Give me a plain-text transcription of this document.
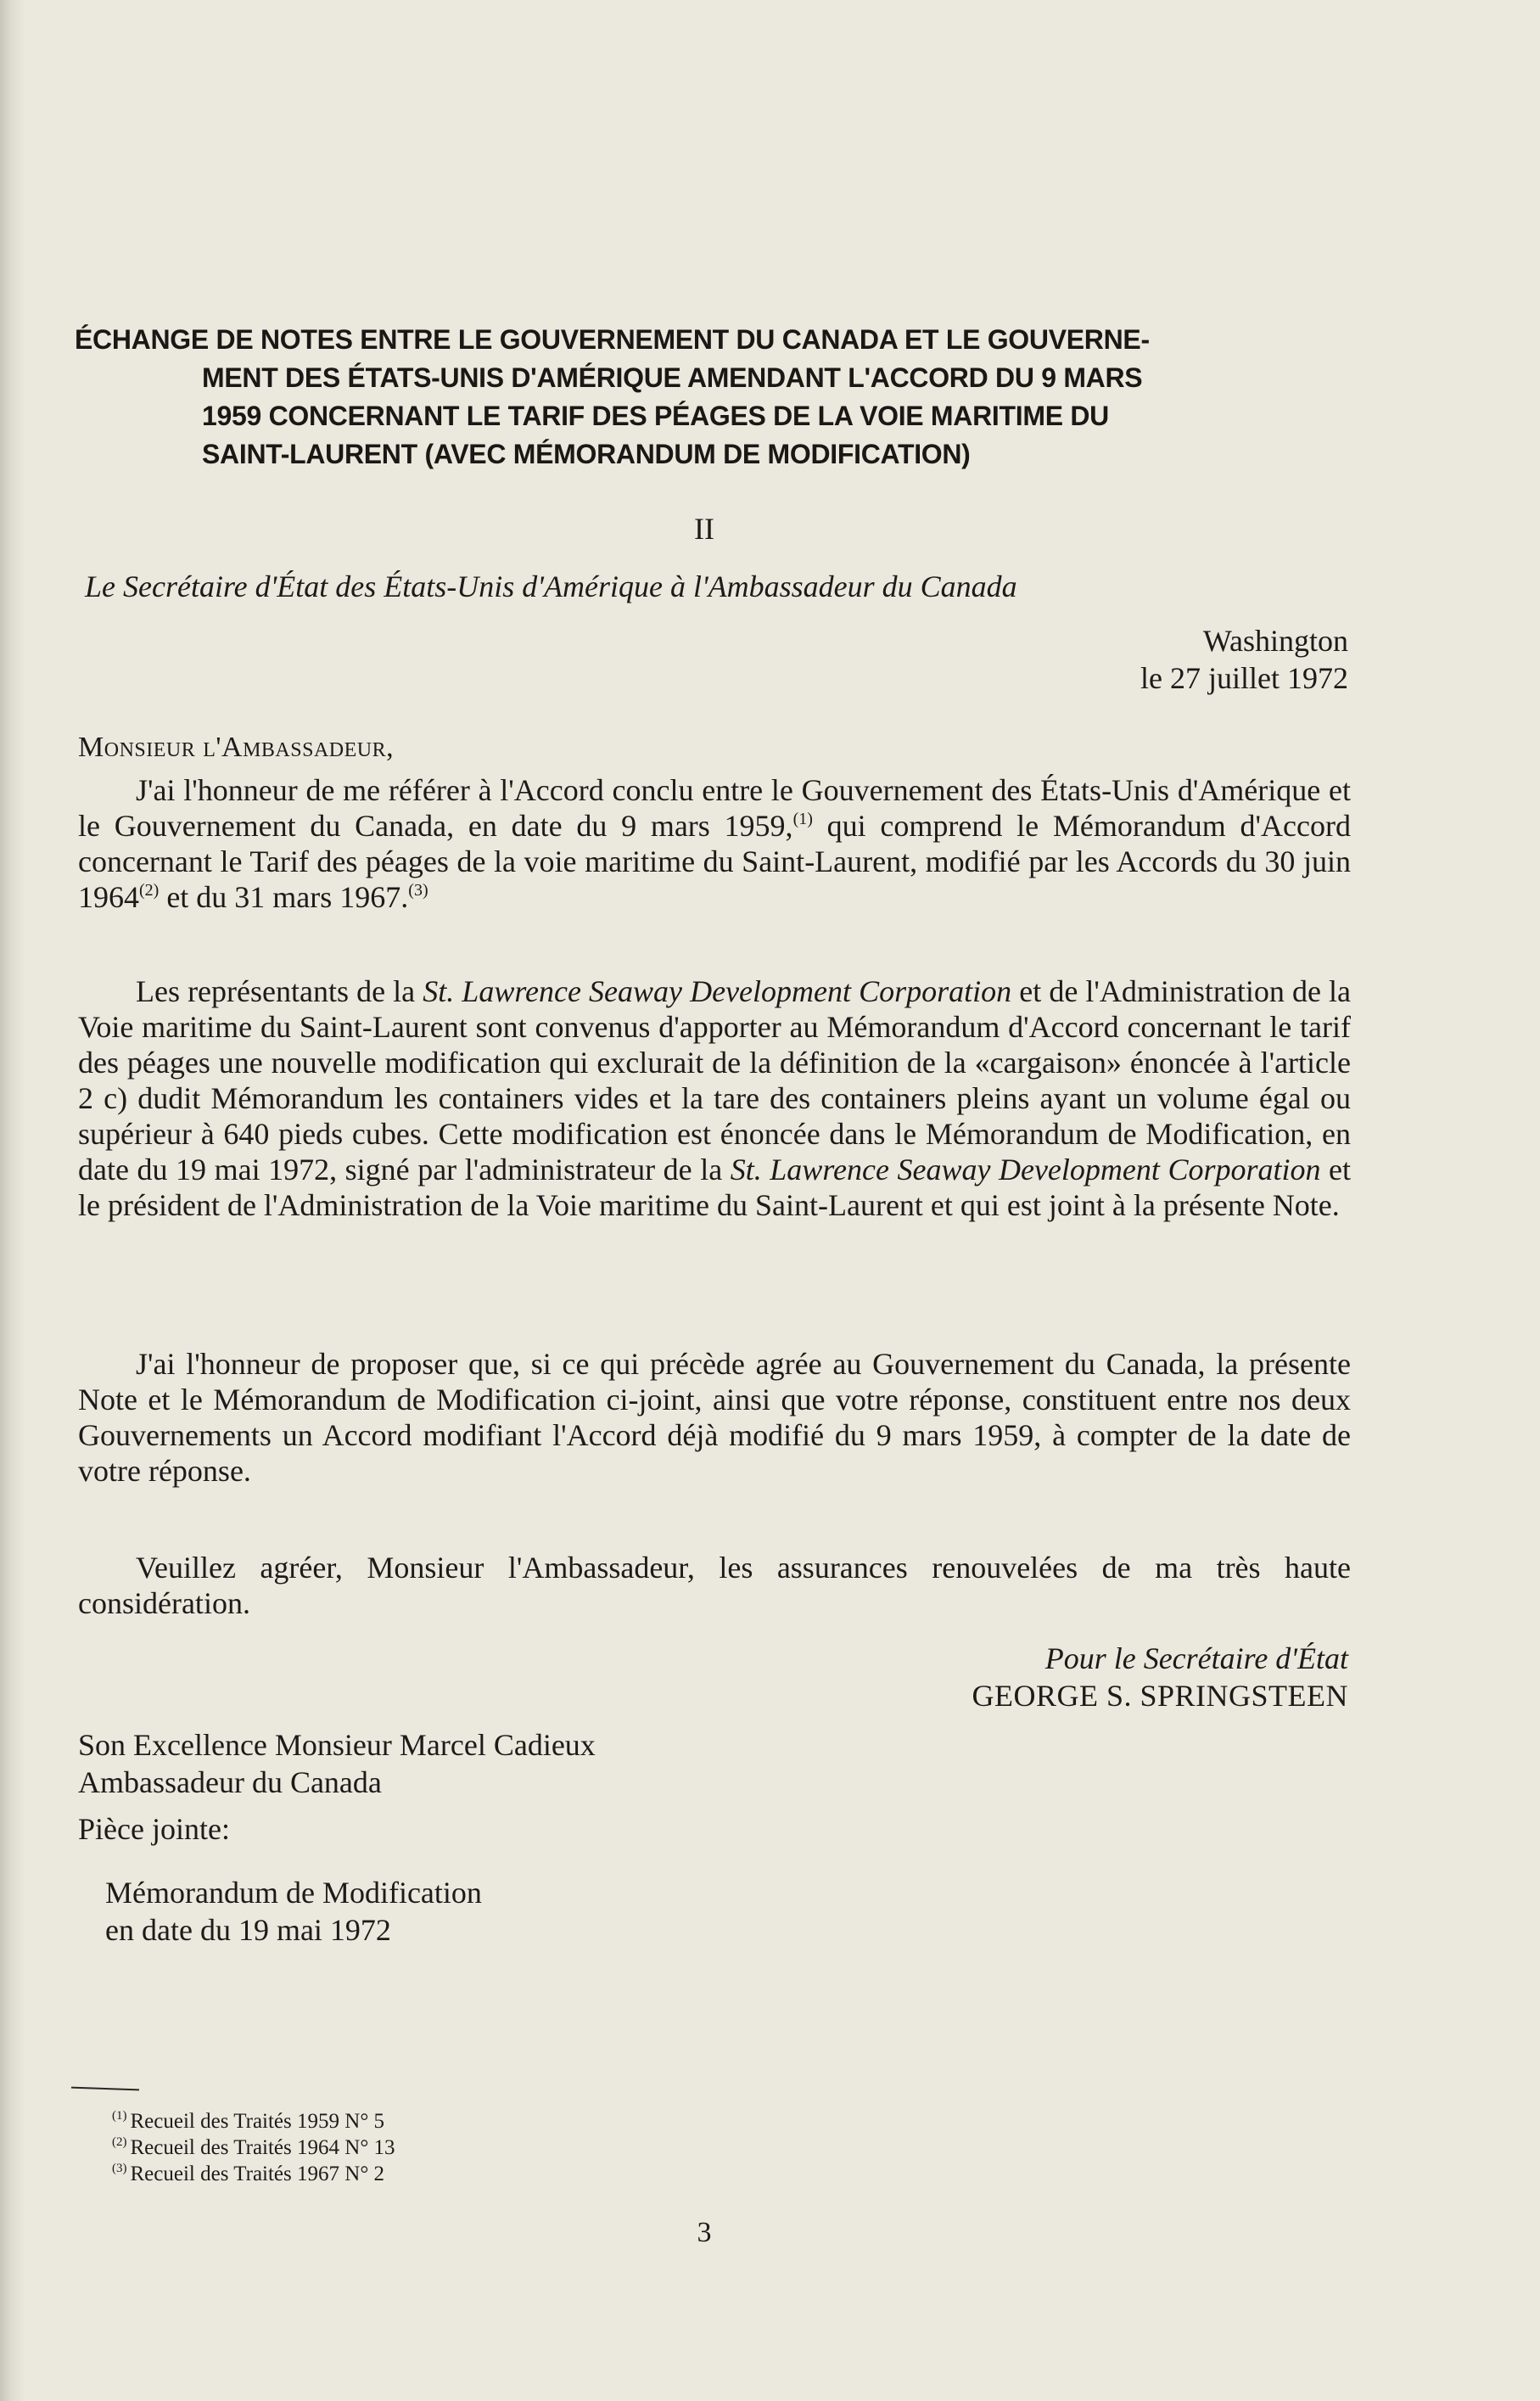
ÉCHANGE DE NOTES ENTRE LE GOUVERNEMENT DU CANADA ET LE GOUVERNE-
MENT DES ÉTATS-UNIS D'AMÉRIQUE AMENDANT L'ACCORD DU 9 MARS
1959 CONCERNANT LE TARIF DES PÉAGES DE LA VOIE MARITIME DU
SAINT-LAURENT (AVEC MÉMORANDUM DE MODIFICATION)
II
Le Secrétaire d'État des États-Unis d'Amérique à l'Ambassadeur du Canada
Washington
le 27 juillet 1972
Monsieur l'Ambassadeur,
J'ai l'honneur de me référer à l'Accord conclu entre le Gouvernement des États-Unis d'Amérique et le Gouvernement du Canada, en date du 9 mars 1959,$^{(1)}$ qui comprend le Mémorandum d'Accord concernant le Tarif des péages de la voie maritime du Saint-Laurent, modifié par les Accords du 30 juin 1964$^{(2)}$ et du 31 mars 1967.$^{(3)}$
Les représentants de la St. Lawrence Seaway Development Corporation et de l'Administration de la Voie maritime du Saint-Laurent sont convenus d'apporter au Mémorandum d'Accord concernant le tarif des péages une nouvelle modification qui exclurait de la définition de la «cargaison» énoncée à l'article 2 c) dudit Mémorandum les containers vides et la tare des containers pleins ayant un volume égal ou supérieur à 640 pieds cubes. Cette modification est énoncée dans le Mémorandum de Modification, en date du 19 mai 1972, signé par l'administrateur de la St. Lawrence Seaway Development Corporation et le président de l'Administration de la Voie maritime du Saint-Laurent et qui est joint à la présente Note.
J'ai l'honneur de proposer que, si ce qui précède agrée au Gouvernement du Canada, la présente Note et le Mémorandum de Modification ci-joint, ainsi que votre réponse, constituent entre nos deux Gouvernements un Accord modifiant l'Accord déjà modifié du 9 mars 1959, à compter de la date de votre réponse.
Veuillez agréer, Monsieur l'Ambassadeur, les assurances renouvelées de ma très haute considération.
Pour le Secrétaire d'État
GEORGE S. SPRINGSTEEN
Son Excellence Monsieur Marcel Cadieux
Ambassadeur du Canada
Pièce jointe:
Mémorandum de Modification
en date du 19 mai 1972
$^{(1)}$ Recueil des Traités 1959 N° 5
$^{(2)}$ Recueil des Traités 1964 N° 13
$^{(3)}$ Recueil des Traités 1967 N° 2
3
